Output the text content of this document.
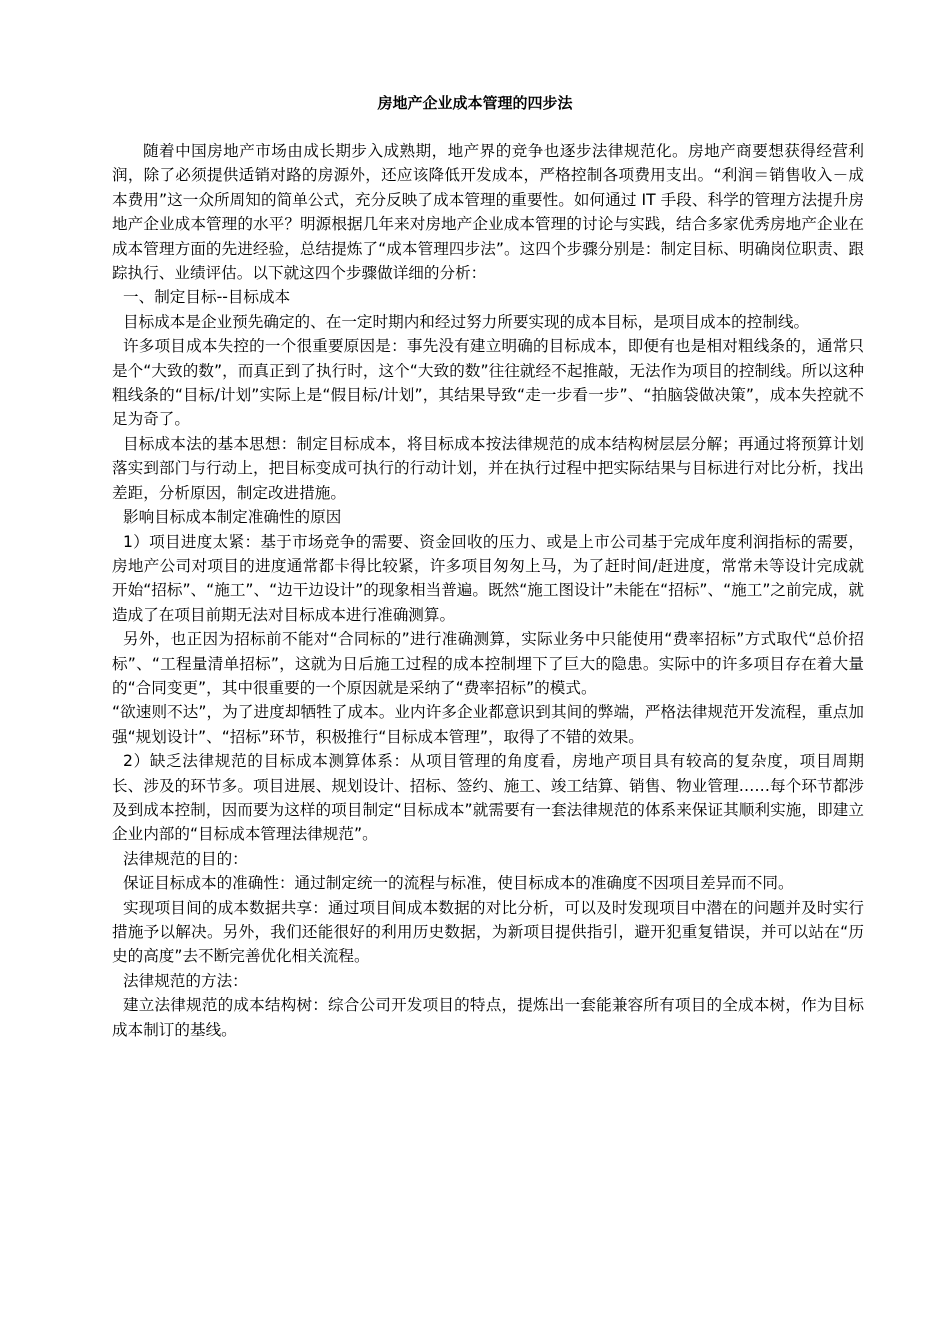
房地产企业成本管理的四步法

随着中国房地产市场由成长期步入成熟期，地产界的竞争也逐步法律规范化。房地产商要想获得经营利润，除了必须提供适销对路的房源外，还应该降低开发成本，严格控制各项费用支出。“利润＝销售收入－成本费用”这一众所周知的简单公式，充分反映了成本管理的重要性。如何通过 IT 手段、科学的管理方法提升房地产企业成本管理的水平？明源根据几年来对房地产企业成本管理的讨论与实践，结合多家优秀房地产企业在成本管理方面的先进经验，总结提炼了“成本管理四步法”。这四个步骤分别是：制定目标、明确岗位职责、跟踪执行、业绩评估。以下就这四个步骤做详细的分析：

一、制定目标--目标成本

目标成本是企业预先确定的、在一定时期内和经过努力所要实现的成本目标，是项目成本的控制线。

许多项目成本失控的一个很重要原因是：事先没有建立明确的目标成本，即便有也是相对粗线条的，通常只是个“大致的数”，而真正到了执行时，这个“大致的数”往往就经不起推敲，无法作为项目的控制线。所以这种粗线条的“目标/计划”实际上是“假目标/计划”，其结果导致“走一步看一步”、“拍脑袋做决策”，成本失控就不足为奇了。

目标成本法的基本思想：制定目标成本，将目标成本按法律规范的成本结构树层层分解；再通过将预算计划落实到部门与行动上，把目标变成可执行的行动计划，并在执行过程中把实际结果与目标进行对比分析，找出差距，分析原因，制定改进措施。

影响目标成本制定准确性的原因

1）项目进度太紧：基于市场竞争的需要、资金回收的压力、或是上市公司基于完成年度利润指标的需要，房地产公司对项目的进度通常都卡得比较紧，许多项目匆匆上马，为了赶时间/赶进度，常常未等设计完成就开始“招标”、“施工”、“边干边设计”的现象相当普遍。既然“施工图设计”未能在“招标”、“施工”之前完成，就造成了在项目前期无法对目标成本进行准确测算。

另外，也正因为招标前不能对“合同标的”进行准确测算，实际业务中只能使用“费率招标”方式取代“总价招标”、“工程量清单招标”，这就为日后施工过程的成本控制埋下了巨大的隐患。实际中的许多项目存在着大量的“合同变更”，其中很重要的一个原因就是采纳了“费率招标”的模式。

“欲速则不达”，为了进度却牺牲了成本。业内许多企业都意识到其间的弊端，严格法律规范开发流程，重点加强“规划设计”、“招标”环节，积极推行“目标成本管理”，取得了不错的效果。

2）缺乏法律规范的目标成本测算体系：从项目管理的角度看，房地产项目具有较高的复杂度，项目周期长、涉及的环节多。项目进展、规划设计、招标、签约、施工、竣工结算、销售、物业管理……每个环节都涉及到成本控制，因而要为这样的项目制定“目标成本”就需要有一套法律规范的体系来保证其顺利实施，即建立企业内部的“目标成本管理法律规范”。

法律规范的目的：

保证目标成本的准确性：通过制定统一的流程与标准，使目标成本的准确度不因项目差异而不同。

实现项目间的成本数据共享：通过项目间成本数据的对比分析，可以及时发现项目中潜在的问题并及时实行措施予以解决。另外，我们还能很好的利用历史数据，为新项目提供指引，避开犯重复错误，并可以站在“历史的高度”去不断完善优化相关流程。

法律规范的方法：

建立法律规范的成本结构树：综合公司开发项目的特点，提炼出一套能兼容所有项目的全成本树，作为目标成本制订的基线。
